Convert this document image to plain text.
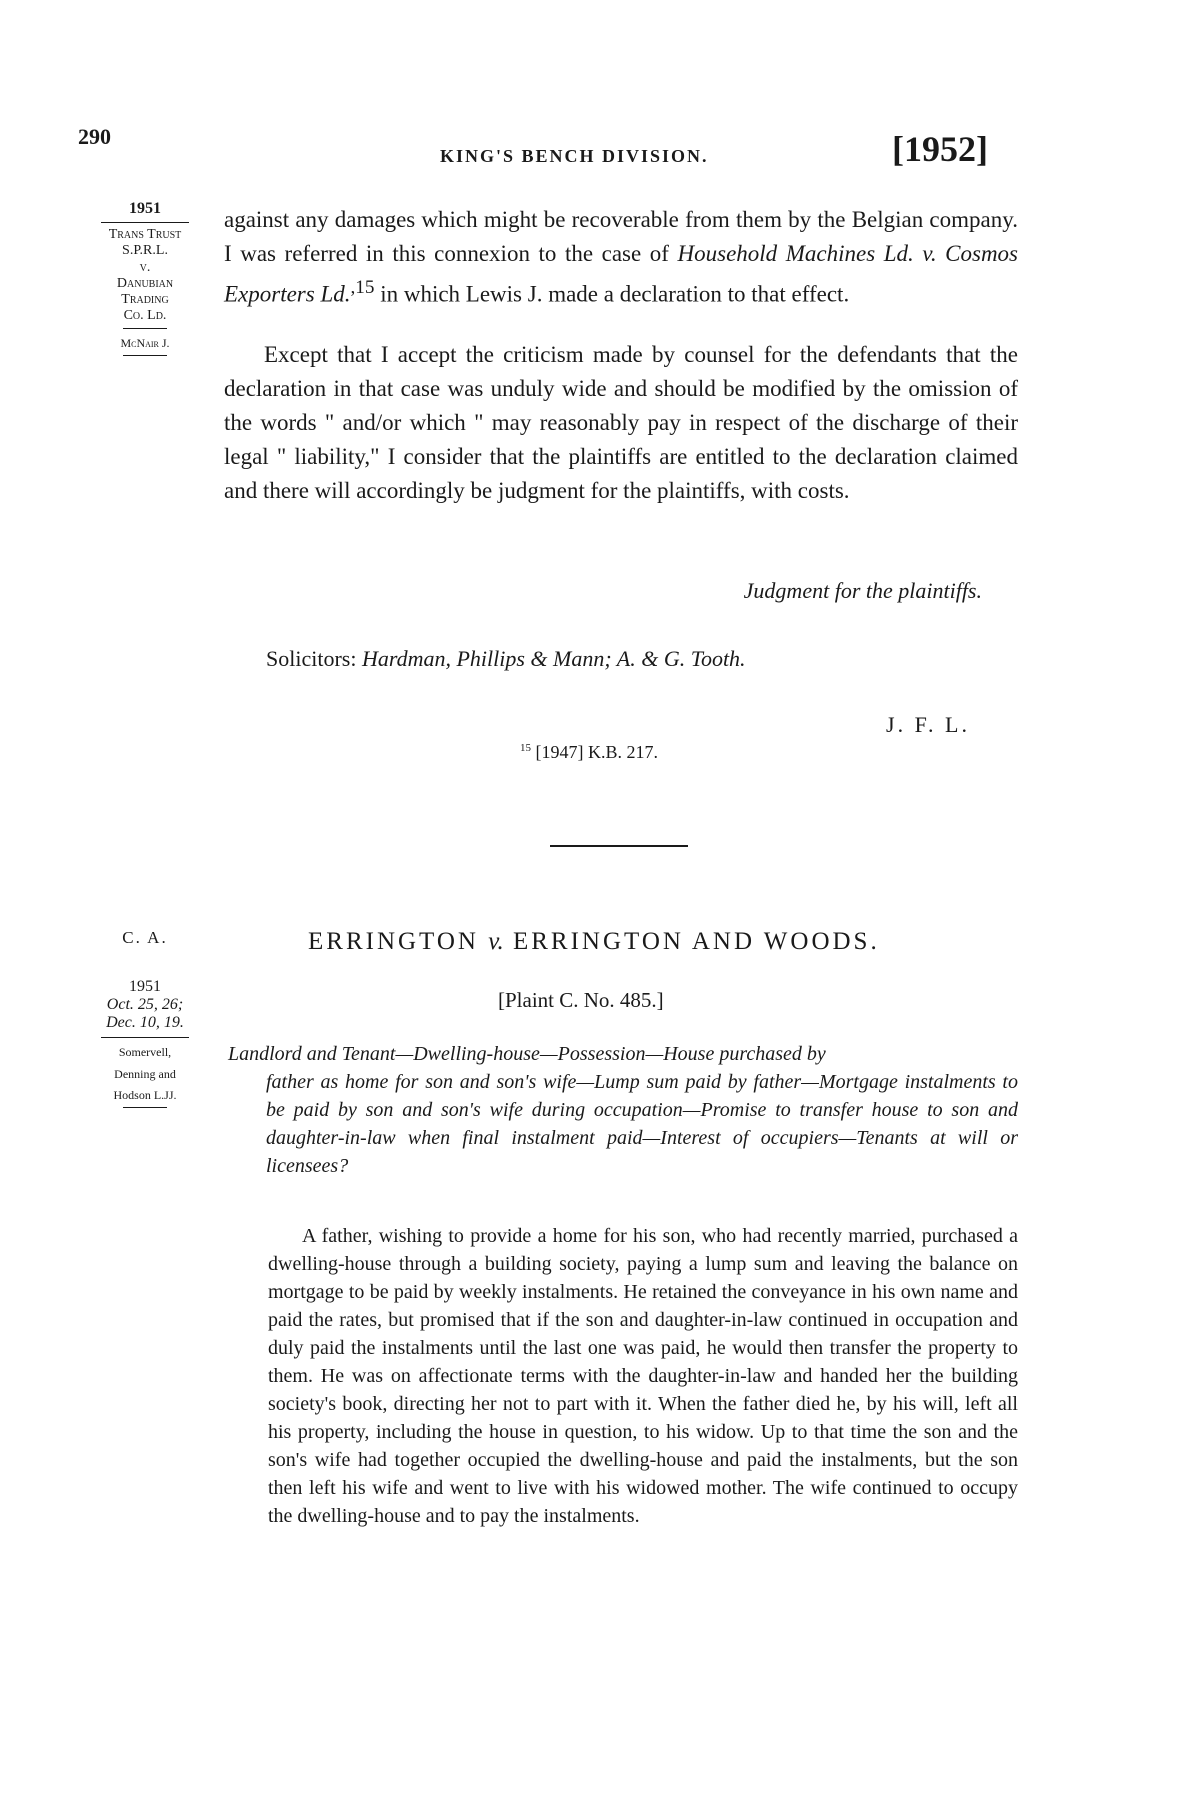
290
KING'S BENCH DIVISION.	[1952]
1951
Trans Trust
S.P.R.L.
v.
Danubian
Trading
Co. Ld.
McNair J.

against any damages which might be recoverable from them by the Belgian company. I was referred in this connexion to the case of Household Machines Ld. v. Cosmos Exporters Ld.$^{,15}$ in which Lewis J. made a declaration to that effect.

Except that I accept the criticism made by counsel for the defendants that the declaration in that case was unduly wide and should be modified by the omission of the words " and/or which " may reasonably pay in respect of the discharge of their legal " liability," I consider that the plaintiffs are entitled to the declaration claimed and there will accordingly be judgment for the plaintiffs, with costs.

Judgment for the plaintiffs.
Solicitors: Hardman, Phillips & Mann; A. & G. Tooth.
J. F. L.
$^{15}$ [1947] K.B. 217.
C. A.
1951
Oct. 25, 26;
Dec. 10, 19.
Somervell,
Denning and
Hodson L.JJ.
ERRINGTON v. ERRINGTON AND WOODS.
[Plaint C. No. 485.]
Landlord and Tenant—Dwelling-house—Possession—House purchased by
father as home for son and son's wife—Lump sum paid by father—Mortgage instalments to be paid by son and son's wife during occupation—Promise to transfer house to son and daughter-in-law when final instalment paid—Interest of occupiers—Tenants at will or licensees?

A father, wishing to provide a home for his son, who had recently married, purchased a dwelling-house through a building society, paying a lump sum and leaving the balance on mortgage to be paid by weekly instalments. He retained the conveyance in his own name and paid the rates, but promised that if the son and daughter-in-law continued in occupation and duly paid the instalments until the last one was paid, he would then transfer the property to them. He was on affectionate terms with the daughter-in-law and handed her the building society's book, directing her not to part with it. When the father died he, by his will, left all his property, including the house in question, to his widow. Up to that time the son and the son's wife had together occupied the dwelling-house and paid the instalments, but the son then left his wife and went to live with his widowed mother. The wife continued to occupy the dwelling-house and to pay the instalments.
